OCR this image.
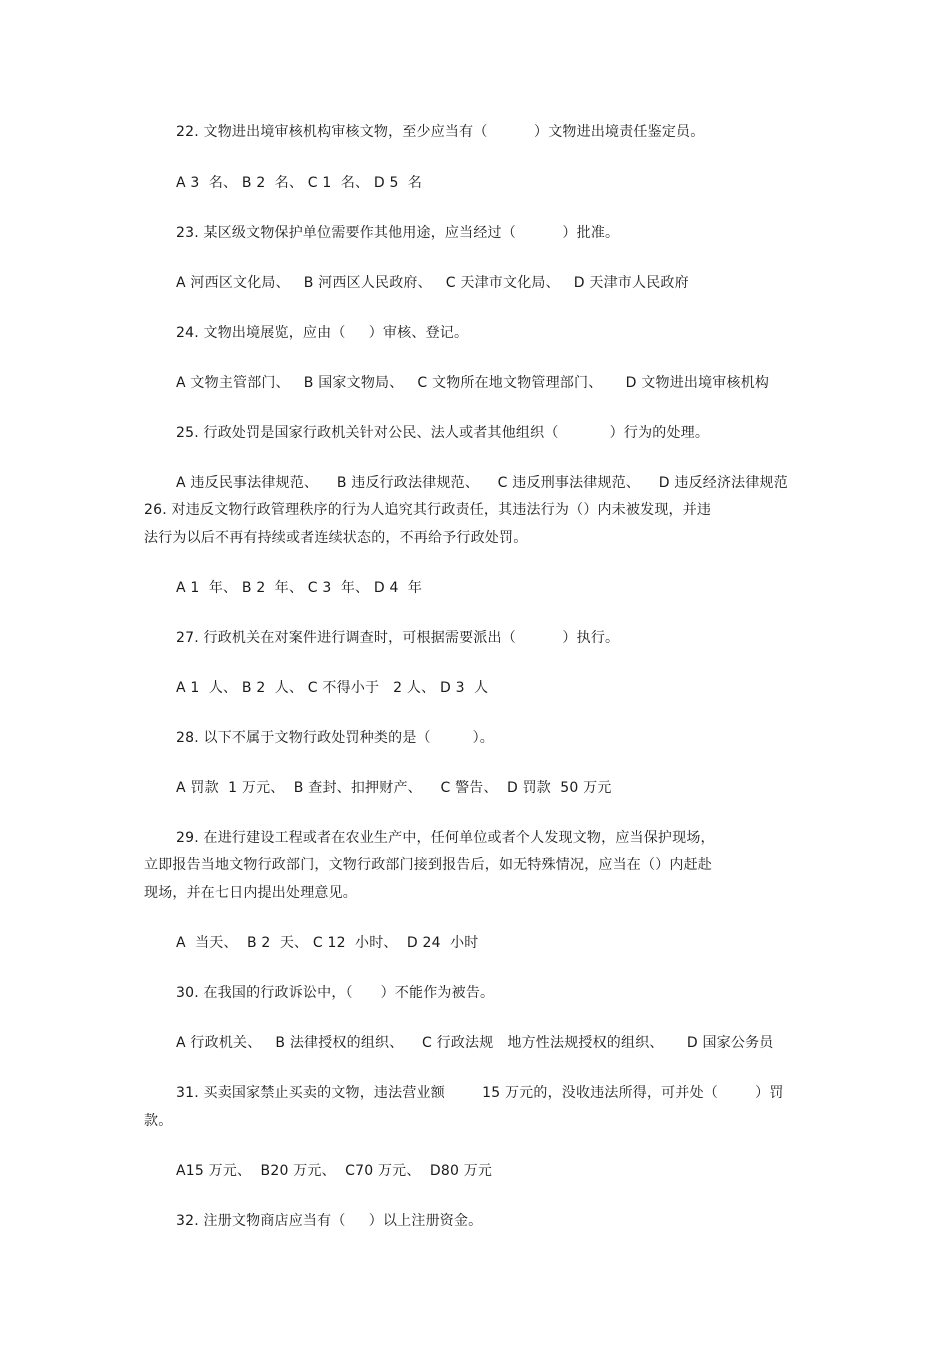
22. 文物进出境审核机构审核文物，至少应当有（          ）文物进出境责任鉴定员。
A 3  名、 B 2  名、 C 1  名、 D 5  名
23. 某区级文物保护单位需要作其他用途，应当经过（          ）批准。
A 河西区文化局、   B 河西区人民政府、   C 天津市文化局、   D 天津市人民政府
24. 文物出境展览，应由（     ）审核、登记。
A 文物主管部门、   B 国家文物局、   C 文物所在地文物管理部门、     D 文物进出境审核机构
25. 行政处罚是国家行政机关针对公民、法人或者其他组织（           ）行为的处理。
A 违反民事法律规范、    B 违反行政法律规范、    C 违反刑事法律规范、    D 违反经济法律规范
26. 对违反文物行政管理秩序的行为人追究其行政责任，其违法行为（）内未被发现，并违
法行为以后不再有持续或者连续状态的，不再给予行政处罚。
A 1  年、 B 2  年、 C 3  年、 D 4  年
27. 行政机关在对案件进行调查时，可根据需要派出（          ）执行。
A 1  人、 B 2  人、 C 不得小于   2 人、 D 3  人
28. 以下不属于文物行政处罚种类的是（         ）。
A 罚款  1 万元、  B 查封、扣押财产、    C 警告、  D 罚款  50 万元
29. 在进行建设工程或者在农业生产中，任何单位或者个人发现文物，应当保护现场，
立即报告当地文物行政部门，文物行政部门接到报告后，如无特殊情况，应当在（）内赶赴
现场，并在七日内提出处理意见。
A  当天、  B 2  天、 C 12  小时、  D 24  小时
30. 在我国的行政诉讼中，（      ）不能作为被告。
A 行政机关、   B 法律授权的组织、    C 行政法规   地方性法规授权的组织、     D 国家公务员
31. 买卖国家禁止买卖的文物，违法营业额        15 万元的，没收违法所得，可并处（        ）罚
款。
A15 万元、  B20 万元、  C70 万元、  D80 万元
32. 注册文物商店应当有（     ）以上注册资金。
